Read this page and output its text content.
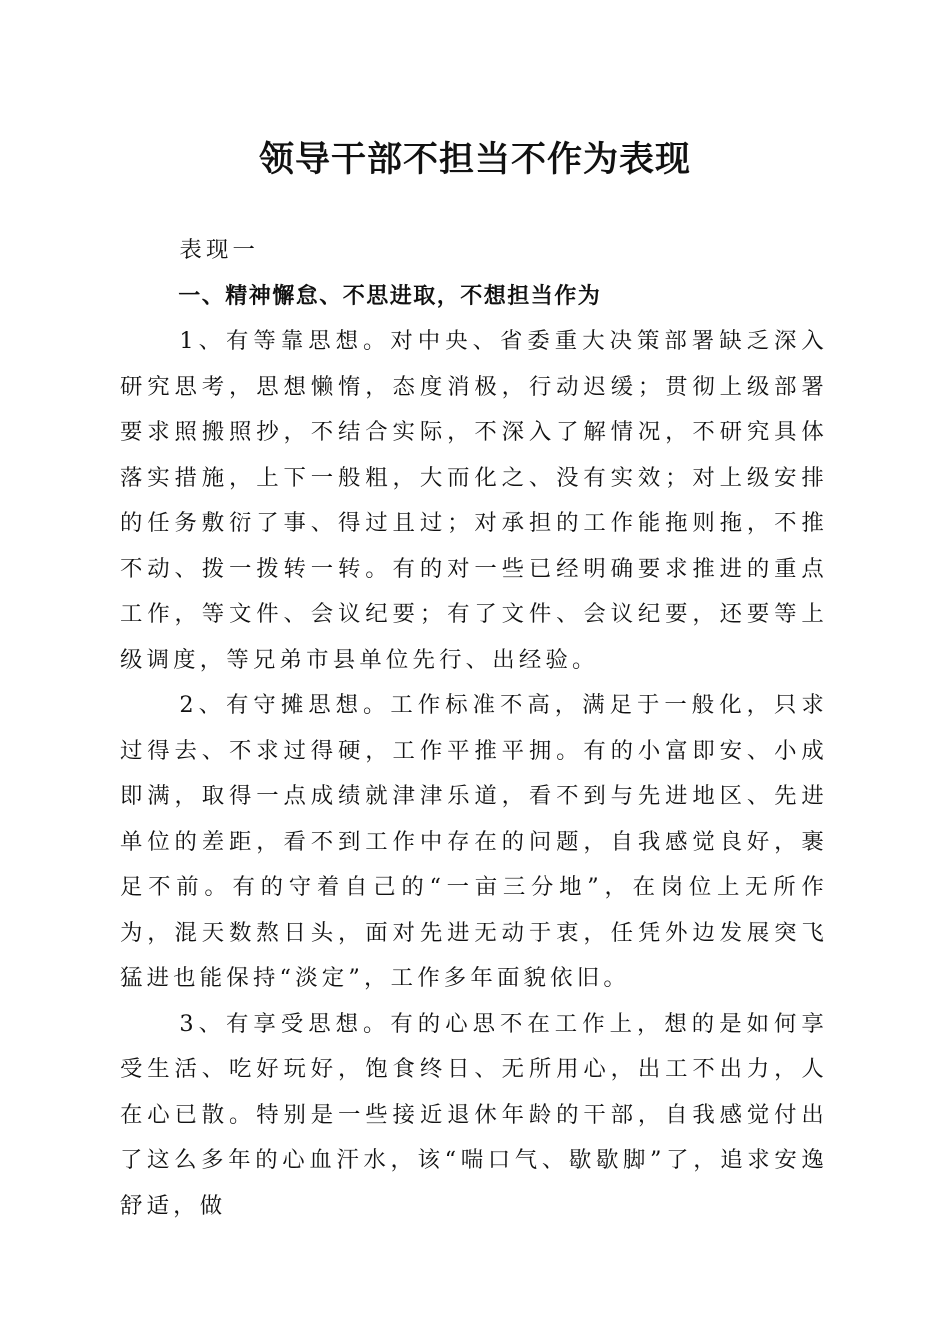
领导干部不担当不作为表现

表现一

一、精神懈怠、不思进取，不想担当作为

1、有等靠思想。对中央、省委重大决策部署缺乏深入研究思考，思想懒惰，态度消极，行动迟缓；贯彻上级部署要求照搬照抄，不结合实际，不深入了解情况，不研究具体落实措施，上下一般粗，大而化之、没有实效；对上级安排的任务敷衍了事、得过且过；对承担的工作能拖则拖，不推不动、拨一拨转一转。有的对一些已经明确要求推进的重点工作，等文件、会议纪要；有了文件、会议纪要，还要等上级调度，等兄弟市县单位先行、出经验。

2、有守摊思想。工作标准不高，满足于一般化，只求过得去、不求过得硬，工作平推平拥。有的小富即安、小成即满，取得一点成绩就津津乐道，看不到与先进地区、先进单位的差距，看不到工作中存在的问题，自我感觉良好，裹足不前。有的守着自己的“一亩三分地”，在岗位上无所作为，混天数熬日头，面对先进无动于衷，任凭外边发展突飞猛进也能保持“淡定”，工作多年面貌依旧。

3、有享受思想。有的心思不在工作上，想的是如何享受生活、吃好玩好，饱食终日、无所用心，出工不出力，人在心已散。特别是一些接近退休年龄的干部，自我感觉付出了这么多年的心血汗水，该“喘口气、歇歇脚”了，追求安逸舒适，做
